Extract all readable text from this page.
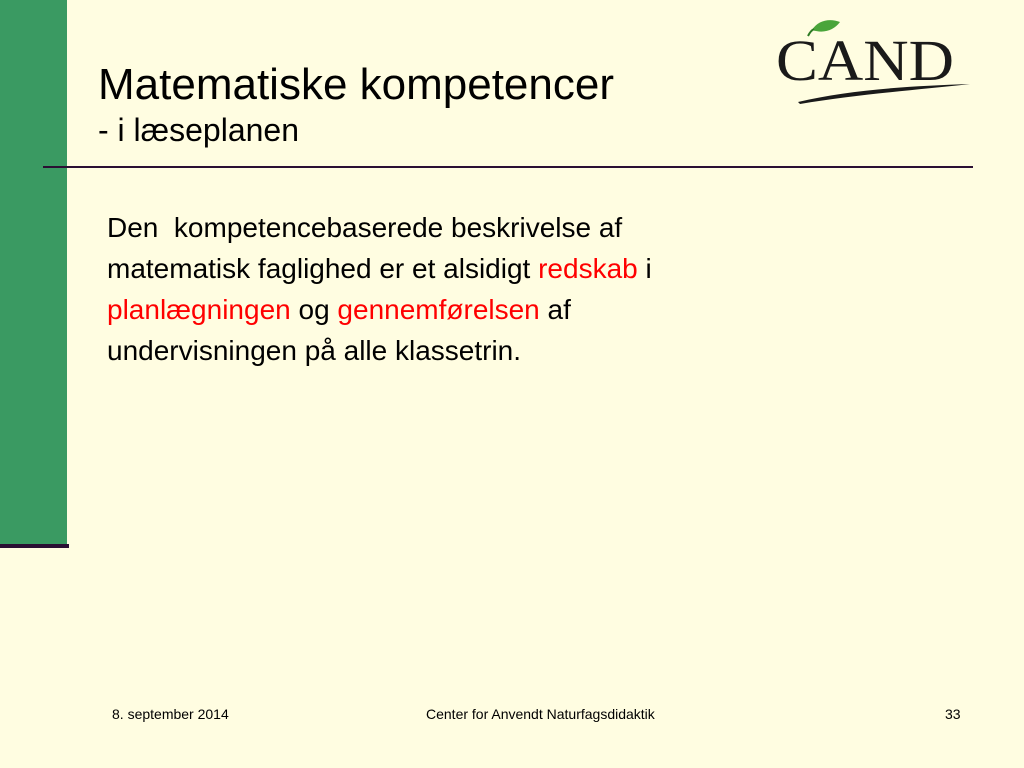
Matematiske kompetencer
- i læseplanen
CAND
Den  kompetencebaserede beskrivelse af matematisk faglighed er et alsidigt redskab i planlægningen og gennemførelsen af undervisningen på alle klassetrin.
8. september 2014	Center for Anvendt Naturfagsdidaktik	33
